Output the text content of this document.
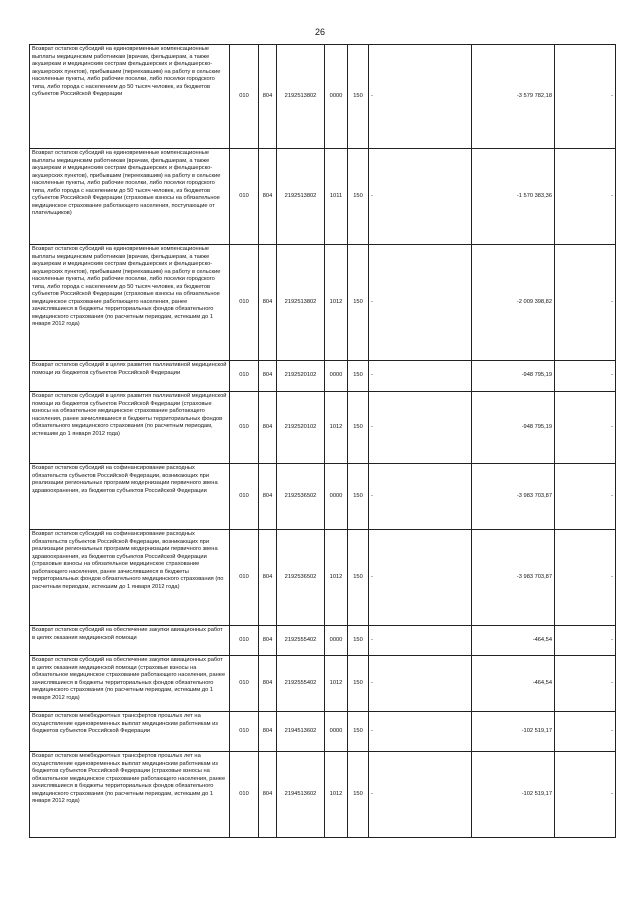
26
Возврат остатков субсидий на единовременные компенсационные выплаты медицинским работникам (врачам, фельдшерам, а также акушеркам и медицинским сестрам фельдшерских и фельдшерско-акушерских пунктов), прибывшим (переехавшим) на работу в сельские населенные пункты, либо рабочие поселки, либо поселки городского типа, либо города с населением до 50 тысяч человек, из бюджетов субъектов Российской Федерации	010	804	2192513802	0000	150	-	-3 579 782,18	-
Возврат остатков субсидий на единовременные компенсационные выплаты медицинским работникам (врачам, фельдшерам, а также акушеркам и медицинским сестрам фельдшерских и фельдшерско-акушерских пунктов), прибывшим (переехавшим) на работу в сельские населенные пункты, либо рабочие поселки, либо поселки городского типа, либо города с населением до 50 тысяч человек, из бюджетов субъектов Российской Федерации (страховые взносы на обязательное медицинское страхование работающего населения, поступающие от плательщиков)	010	804	2192513802	1011	150	-	-1 570 383,36	-
Возврат остатков субсидий на единовременные компенсационные выплаты медицинским работникам (врачам, фельдшерам, а также акушеркам и медицинским сестрам фельдшерских и фельдшерско-акушерских пунктов), прибывшим (переехавшим) на работу в сельские населенные пункты, либо рабочие поселки, либо поселки городского типа, либо города с населением до 50 тысяч человек, из бюджетов субъектов Российской Федерации (страховые взносы на обязательное медицинское страхование работающего населения, ранее зачислявшиеся в бюджеты территориальных фондов обязательного медицинского страхования (по расчетным периодам, истекшим до 1 января 2012 года)	010	804	2192513802	1012	150	-	-2 009 398,82	-
Возврат остатков субсидий в целях развития паллиативной медицинской помощи из бюджетов субъектов Российской Федерации	010	804	2192520102	0000	150	-	-948 795,19	-
Возврат остатков субсидий в целях развития паллиативной медицинской помощи из бюджетов субъектов Российской Федерации (страховые взносы на обязательное медицинское страхование работающего населения, ранее зачислявшиеся в бюджеты территориальных фондов обязательного медицинского страхования (по расчетным периодам, истекшим до 1 января 2012 года)	010	804	2192520102	1012	150	-	-948 795,19	-
Возврат остатков субсидий на софинансирование расходных обязательств субъектов Российской Федерации, возникающих при реализации региональных программ модернизации первичного звена здравоохранения, из бюджетов субъектов Российской Федерации	010	804	2192536502	0000	150	-	-3 983 703,87	-
Возврат остатков субсидий на софинансирование расходных обязательств субъектов Российской Федерации, возникающих при реализации региональных программ модернизации первичного звена здравоохранения, из бюджетов субъектов Российской Федерации (страховые взносы на обязательное медицинское страхование работающего населения, ранее зачислявшиеся в бюджеты территориальных фондов обязательного медицинского страхования (по расчетным периодам, истекшим до 1 января 2012 года)	010	804	2192536502	1012	150	-	-3 983 703,87	-
Возврат остатков субсидий на обеспечение закупки авиационных работ в целях оказания медицинской помощи	010	804	2192555402	0000	150	-	-464,54	-
Возврат остатков субсидий на обеспечение закупки авиационных работ в целях оказания медицинской помощи (страховые взносы на обязательное медицинское страхование работающего населения, ранее зачислявшиеся в бюджеты территориальных фондов обязательного медицинского страхования (по расчетным периодам, истекшим до 1 января 2012 года)	010	804	2192555402	1012	150	-	-464,54	-
Возврат остатков межбюджетных трансфертов прошлых лет на осуществление единовременных выплат медицинским работникам из бюджетов субъектов Российской Федерации	010	804	2194513602	0000	150	-	-102 519,17	-
Возврат остатков межбюджетных трансфертов прошлых лет на осуществление единовременных выплат медицинским работникам из бюджетов субъектов Российской Федерации (страховые взносы на обязательное медицинское страхование работающего населения, ранее зачислявшиеся в бюджеты территориальных фондов обязательного медицинского страхования (по расчетным периодам, истекшим до 1 января 2012 года)	010	804	2194513602	1012	150	-	-102 519,17	-
